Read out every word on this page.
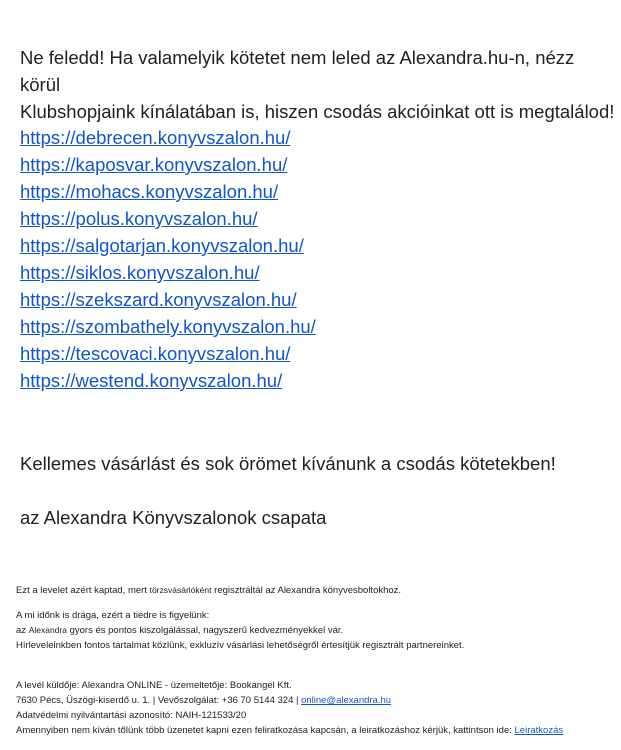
Ne feledd! Ha valamelyik kötetet nem leled az Alexandra.hu-n, nézz körül
Klubshopjaink kínálatában is, hiszen csodás akcióinkat ott is megtalálod!
https://debrecen.konyvszalon.hu/
https://kaposvar.konyvszalon.hu/
https://mohacs.konyvszalon.hu/
https://polus.konyvszalon.hu/
https://salgotarjan.konyvszalon.hu/
https://siklos.konyvszalon.hu/
https://szekszard.konyvszalon.hu/
https://szombathely.konyvszalon.hu/
https://tescovaci.konyvszalon.hu/
https://westend.konyvszalon.hu/
Kellemes vásárlást és sok örömet kívánunk a csodás kötetekben!
az Alexandra Könyvszalonok csapata

Ezt a levelet azért kaptad, mert törzsvásárlóként regisztráltál az Alexandra könyvesboltokhoz.

A mi időnk is drága, ezért a tiédre is figyelünk:

az Alexandra gyors és pontos kiszolgálással, nagyszerű kedvezményekkel vár.

Hírleveleinkben fontos tartalmat közlünk, exkluzív vásárlási lehetőségről értesítjük regisztrált partnereinket.

A levél küldője: Alexandra ONLINE - üzemeltetője: Bookangel Kft.

7630 Pécs, Üszögi-kiserdő u. 1. | Vevőszolgálat: +36 70 5144 324 | online@alexandra.hu

Adatvédelmi nyilvántartási azonosító: NAIH-121533/20

Amennyiben nem kíván tőlünk több üzenetet kapni ezen feliratkozása kapcsán, a leiratkozáshoz kérjük, kattintson ide: Leiratkozás
